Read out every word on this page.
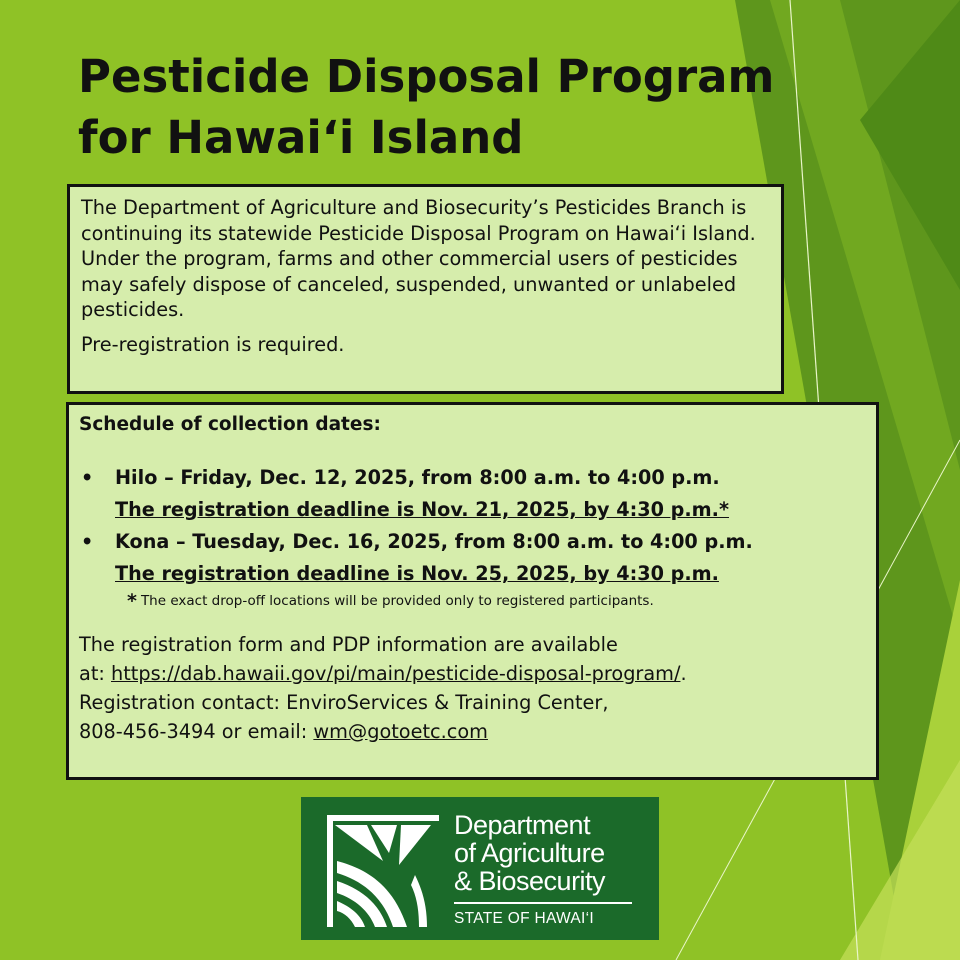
Pesticide Disposal Program
for Hawai‘i Island

The Department of Agriculture and Biosecurity’s Pesticides Branch is continuing its statewide Pesticide Disposal Program on Hawai‘i Island. Under the program, farms and other commercial users of pesticides may safely dispose of canceled, suspended, unwanted or unlabeled pesticides.

Pre-registration is required.

Schedule of collection dates:

• Hilo – Friday, Dec. 12, 2025, from 8:00 a.m. to 4:00 p.m.
The registration deadline is Nov. 21, 2025, by 4:30 p.m.*
• Kona – Tuesday, Dec. 16, 2025, from 8:00 a.m. to 4:00 p.m.
The registration deadline is Nov. 25, 2025, by 4:30 p.m.

* The exact drop-off locations will be provided only to registered participants.

The registration form and PDP information are available
at: https://dab.hawaii.gov/pi/main/pesticide-disposal-program/.
Registration contact: EnviroServices & Training Center,
808-456-3494 or email: wm@gotoetc.com

Department
of Agriculture
& Biosecurity
STATE OF HAWAI‘I
